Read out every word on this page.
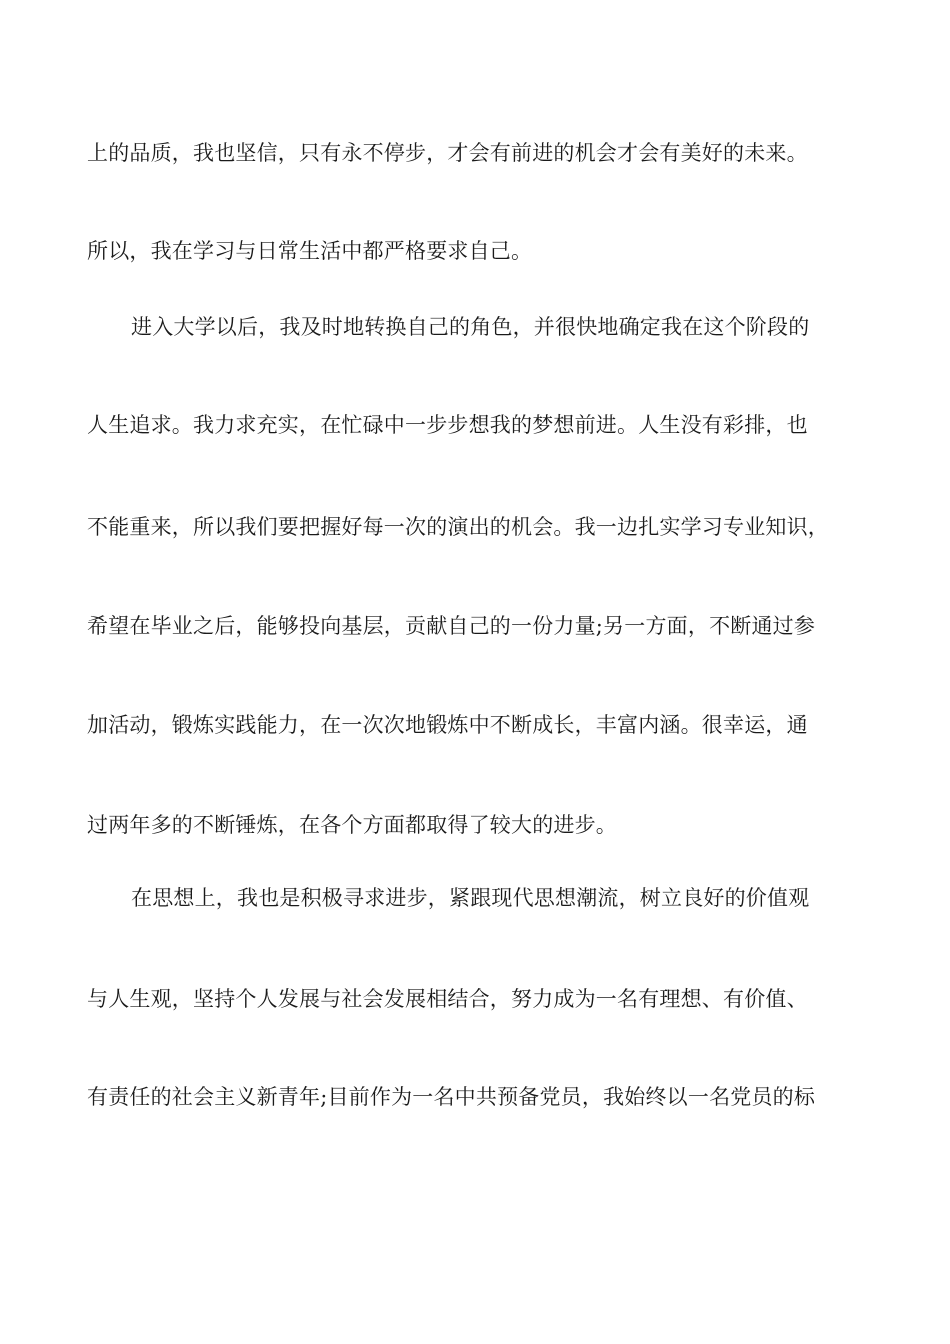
上的品质，我也坚信，只有永不停步，才会有前进的机会才会有美好的未来。
所以，我在学习与日常生活中都严格要求自己。
进入大学以后，我及时地转换自己的角色，并很快地确定我在这个阶段的
人生追求。我力求充实，在忙碌中一步步想我的梦想前进。人生没有彩排，也
不能重来，所以我们要把握好每一次的演出的机会。我一边扎实学习专业知识，
希望在毕业之后，能够投向基层，贡献自己的一份力量;另一方面，不断通过参
加活动，锻炼实践能力，在一次次地锻炼中不断成长，丰富内涵。很幸运，通
过两年多的不断锤炼，在各个方面都取得了较大的进步。
在思想上，我也是积极寻求进步，紧跟现代思想潮流，树立良好的价值观
与人生观，坚持个人发展与社会发展相结合，努力成为一名有理想、有价值、
有责任的社会主义新青年;目前作为一名中共预备党员，我始终以一名党员的标
